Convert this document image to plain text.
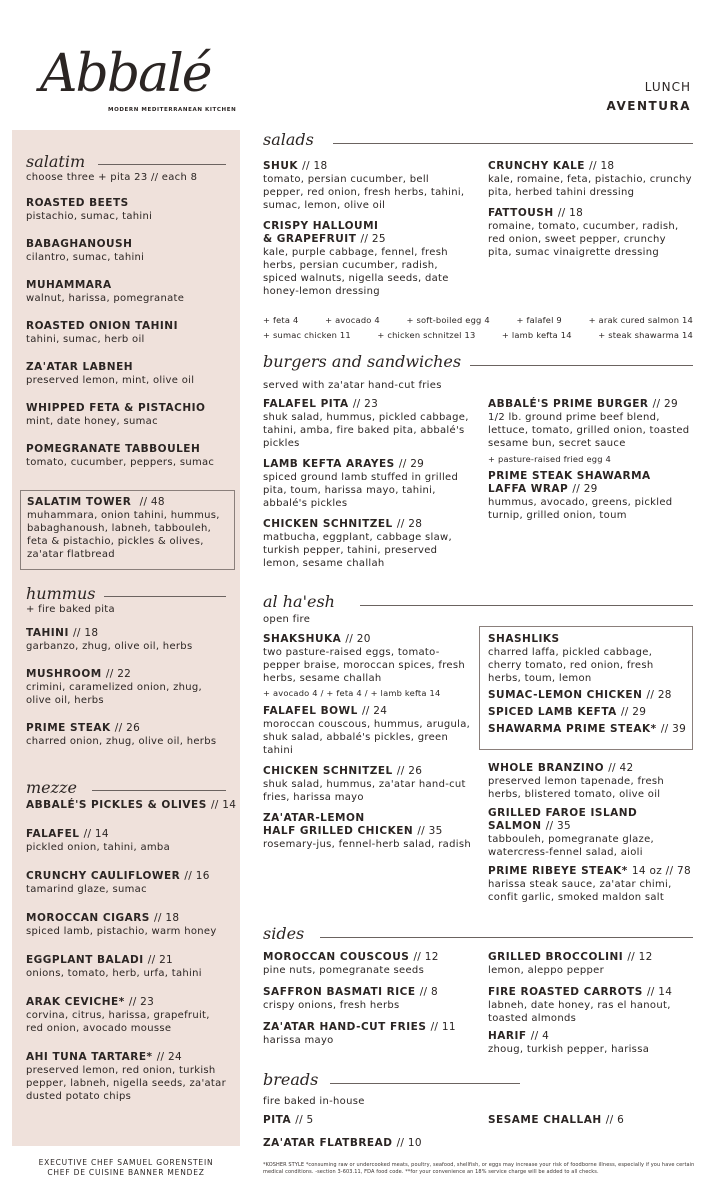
Abbalé
MODERN MEDITERRANEAN KITCHEN
LUNCH
AVENTURA
salatim
choose three + pita 23 // each 8
ROASTED BEETS
pistachio, sumac, tahini
BABAGHANOUSH
cilantro, sumac, tahini
MUHAMMARA
walnut, harissa, pomegranate
ROASTED ONION TAHINI
tahini, sumac, herb oil
ZA'ATAR LABNEH
preserved lemon, mint, olive oil
WHIPPED FETA & PISTACHIO
mint, date honey, sumac
POMEGRANATE TABBOULEH
tomato, cucumber, peppers, sumac
SALATIM TOWER // 48
muhammara, onion tahini, hummus, babaghanoush, labneh, tabbouleh, feta & pistachio, pickles & olives, za'atar flatbread
hummus
+ fire baked pita
TAHINI // 18
garbanzo, zhug, olive oil, herbs
MUSHROOM // 22
crimini, caramelized onion, zhug, olive oil, herbs
PRIME STEAK // 26
charred onion, zhug, olive oil, herbs
mezze
ABBALÉ'S PICKLES & OLIVES // 14
FALAFEL // 14
pickled onion, tahini, amba
CRUNCHY CAULIFLOWER // 16
tamarind glaze, sumac
MOROCCAN CIGARS // 18
spiced lamb, pistachio, warm honey
EGGPLANT BALADI // 21
onions, tomato, herb, urfa, tahini
ARAK CEVICHE* // 23
corvina, citrus, harissa, grapefruit, red onion, avocado mousse
AHI TUNA TARTARE* // 24
preserved lemon, red onion, turkish pepper, labneh, nigella seeds, za'atar dusted potato chips
salads
SHUK // 18
tomato, persian cucumber, bell pepper, red onion, fresh herbs, tahini, sumac, lemon, olive oil
CRISPY HALLOUMI
& GRAPEFRUIT // 25
kale, purple cabbage, fennel, fresh herbs, persian cucumber, radish, spiced walnuts, nigella seeds, date honey-lemon dressing
CRUNCHY KALE // 18
kale, romaine, feta, pistachio, crunchy pita, herbed tahini dressing
FATTOUSH // 18
romaine, tomato, cucumber, radish, red onion, sweet pepper, crunchy pita, sumac vinaigrette dressing
+ feta 4	+ avocado 4	+ soft-boiled egg 4	+ falafel 9	+ arak cured salmon 14
+ sumac chicken 11	+ chicken schnitzel 13	+ lamb kefta 14	+ steak shawarma 14
burgers and sandwiches
served with za'atar hand-cut fries
FALAFEL PITA // 23
shuk salad, hummus, pickled cabbage, tahini, amba, fire baked pita, abbalé's pickles
LAMB KEFTA ARAYES // 29
spiced ground lamb stuffed in grilled pita, toum, harissa mayo, tahini, abbalé's pickles
CHICKEN SCHNITZEL // 28
matbucha, eggplant, cabbage slaw, turkish pepper, tahini, preserved lemon, sesame challah
ABBALÉ'S PRIME BURGER // 29
1/2 lb. ground prime beef blend, lettuce, tomato, grilled onion, toasted sesame bun, secret sauce
+ pasture-raised fried egg 4
PRIME STEAK SHAWARMA
LAFFA WRAP // 29
hummus, avocado, greens, pickled turnip, grilled onion, toum
al ha'esh
open fire
SHAKSHUKA // 20
two pasture-raised eggs, tomato-pepper braise, moroccan spices, fresh herbs, sesame challah
+ avocado 4 / + feta 4 / + lamb kefta 14
FALAFEL BOWL // 24
moroccan couscous, hummus, arugula, shuk salad, abbalé's pickles, green tahini
CHICKEN SCHNITZEL // 26
shuk salad, hummus, za'atar hand-cut fries, harissa mayo
ZA'ATAR-LEMON
HALF GRILLED CHICKEN // 35
rosemary-jus, fennel-herb salad, radish
SHASHLIKS
charred laffa, pickled cabbage, cherry tomato, red onion, fresh herbs, toum, lemon
SUMAC-LEMON CHICKEN // 28
SPICED LAMB KEFTA // 29
SHAWARMA PRIME STEAK* // 39
WHOLE BRANZINO // 42
preserved lemon tapenade, fresh herbs, blistered tomato, olive oil
GRILLED FAROE ISLAND
SALMON // 35
tabbouleh, pomegranate glaze, watercress-fennel salad, aioli
PRIME RIBEYE STEAK* 14 oz // 78
harissa steak sauce, za'atar chimi, confit garlic, smoked maldon salt
sides
MOROCCAN COUSCOUS // 12
pine nuts, pomegranate seeds
SAFFRON BASMATI RICE // 8
crispy onions, fresh herbs
ZA'ATAR HAND-CUT FRIES // 11
harissa mayo
GRILLED BROCCOLINI // 12
lemon, aleppo pepper
FIRE ROASTED CARROTS // 14
labneh, date honey, ras el hanout, toasted almonds
HARIF // 4
zhoug, turkish pepper, harissa
breads
fire baked in-house
PITA // 5
ZA'ATAR FLATBREAD // 10
SESAME CHALLAH // 6
EXECUTIVE CHEF SAMUEL GORENSTEIN
CHEF DE CUISINE BANNER MENDEZ
*KOSHER STYLE *consuming raw or undercooked meats, poultry, seafood, shellfish, or eggs may increase your risk of foodborne illness, especially if you have certain medical conditions. -section 3-603.11, FDA food code. **for your convenience an 18% service charge will be added to all checks.
